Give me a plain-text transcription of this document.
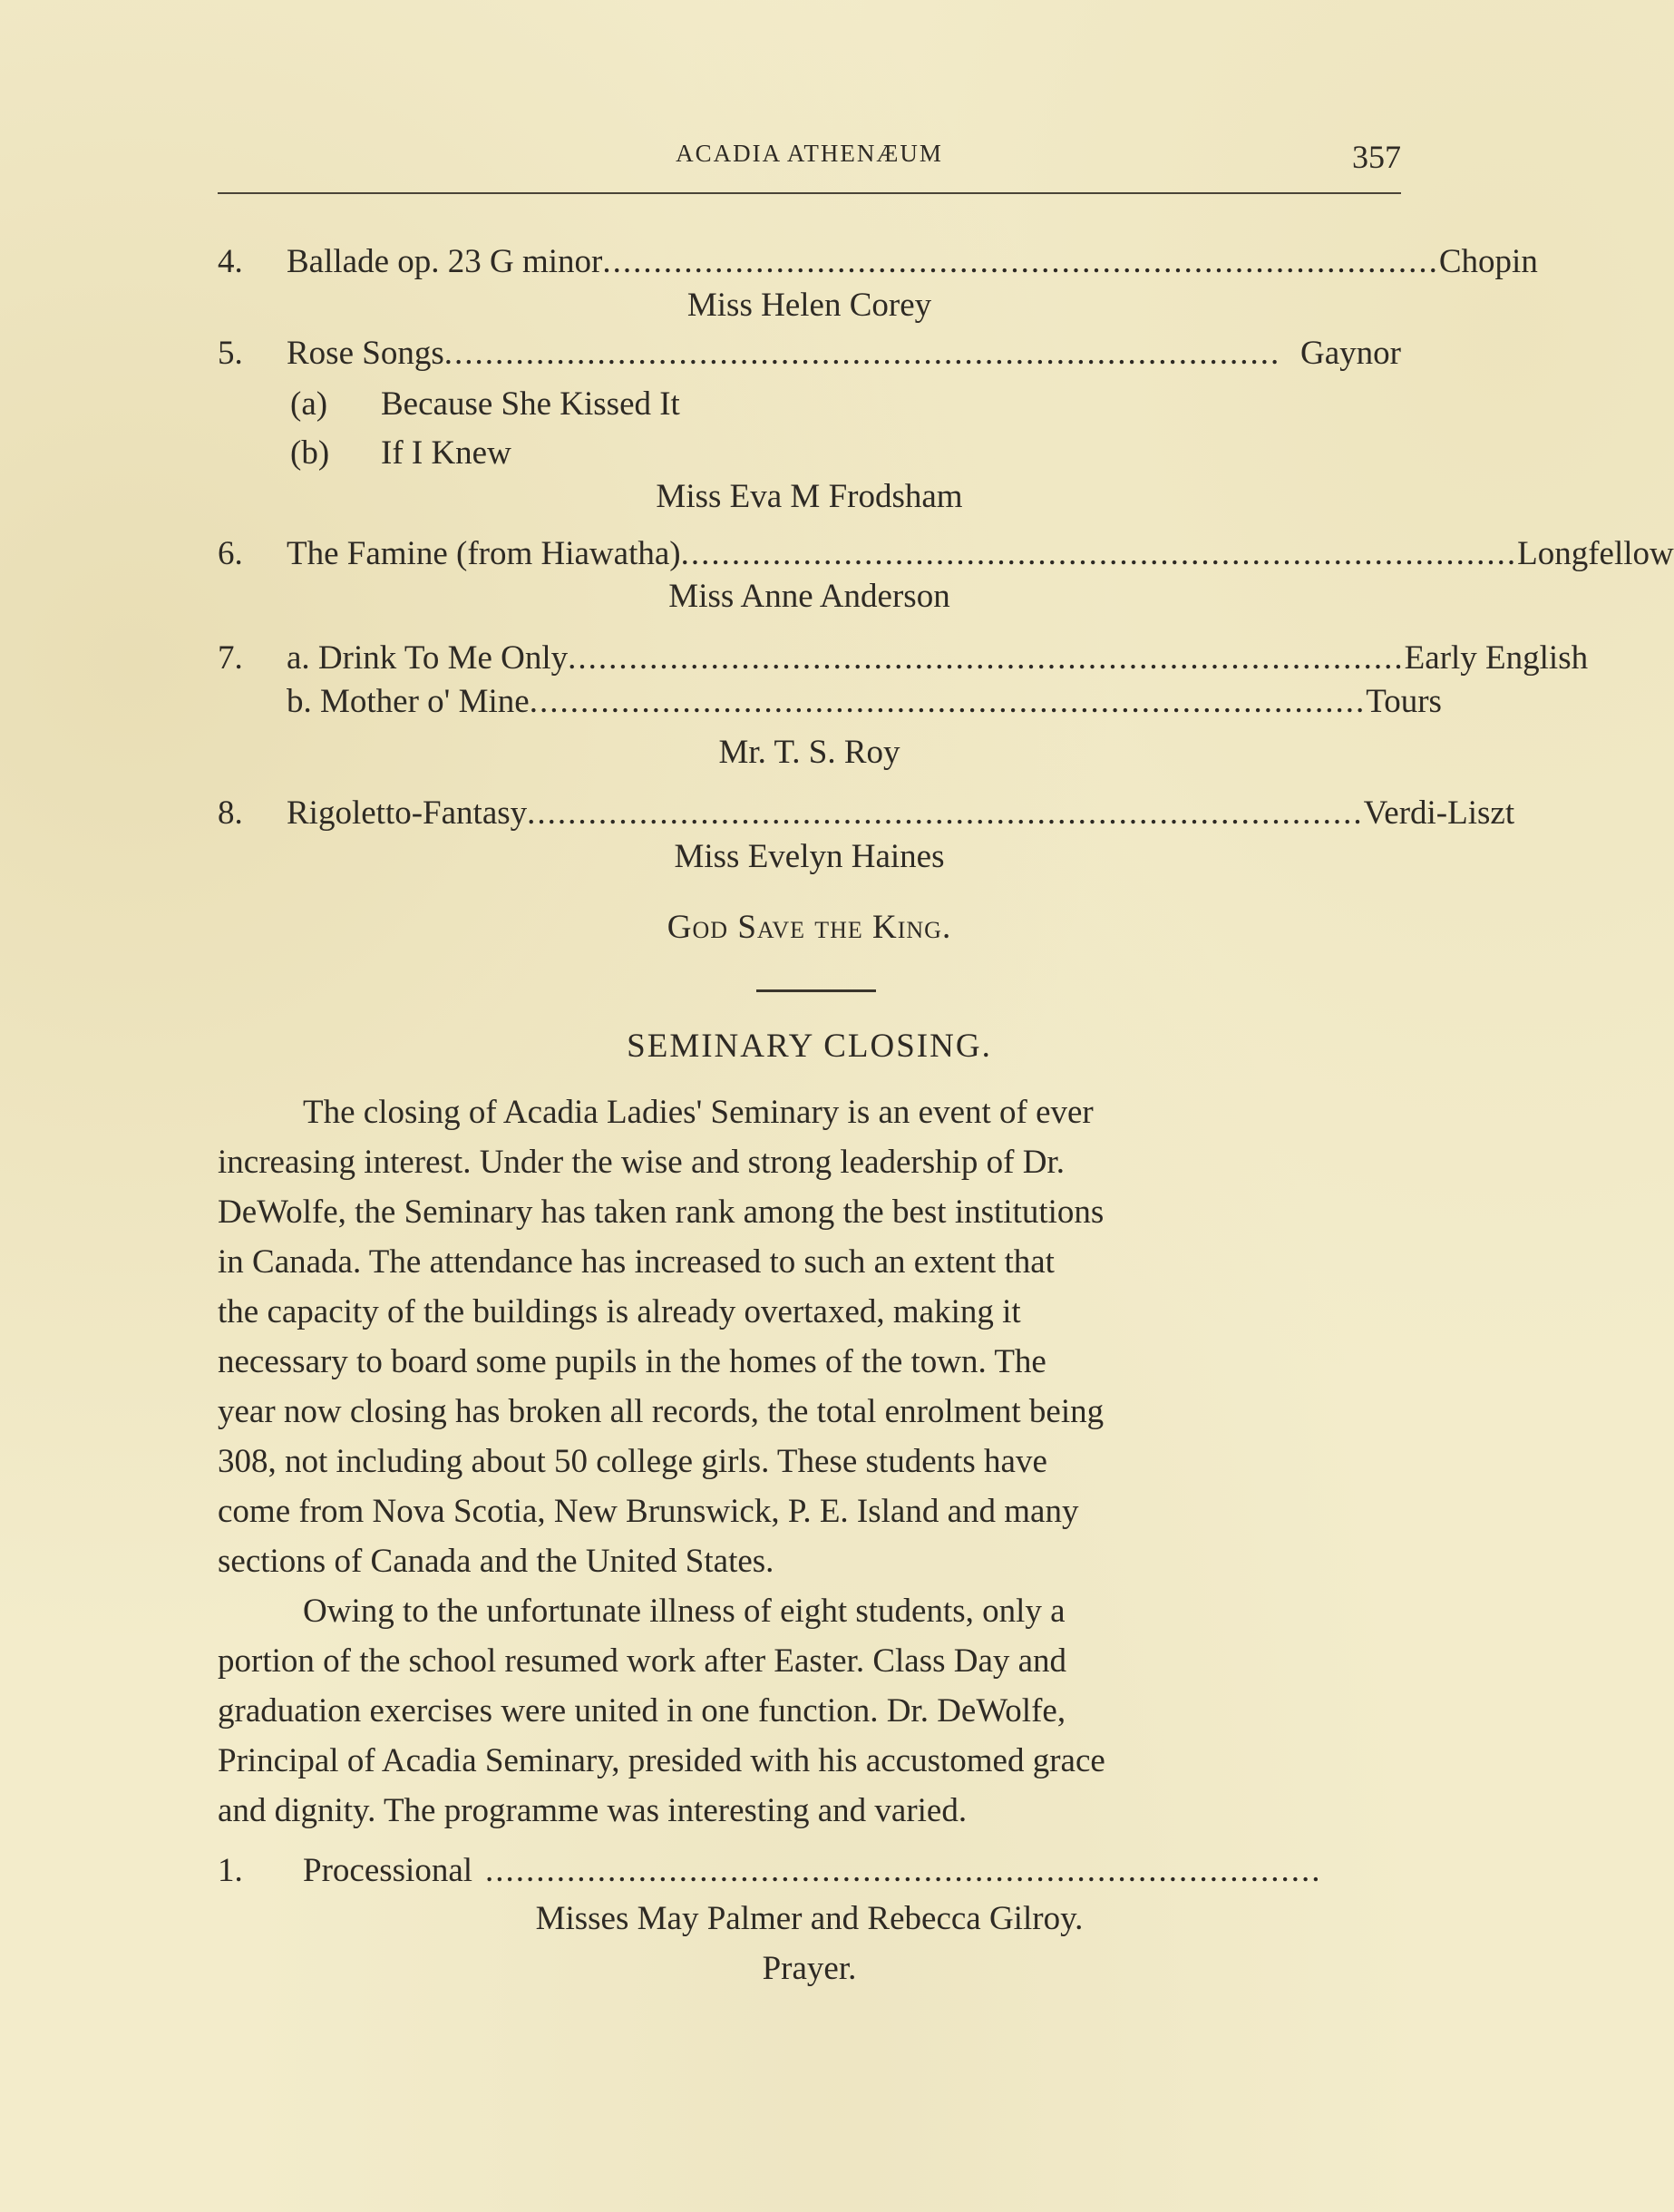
ACADIA ATHENÆUM	357
4.	Ballade op. 23 G minor .................................................................................. Chopin
Miss Helen Corey
5.	Rose Songs .................................................................................. Gaynor
(a) Because She Kissed It
(b) If I Knew
Miss Eva M Frodsham
6.	The Famine (from Hiawatha) .................................................................................. Longfellow
Miss Anne Anderson
7.	a. Drink To Me Only .................................................................................. Early English
b. Mother o' Mine .................................................................................. Tours
Mr. T. S. Roy
8.	Rigoletto-Fantasy .................................................................................. Verdi-Liszt
Miss Evelyn Haines
God Save the King.
SEMINARY CLOSING.
The closing of Acadia Ladies' Seminary is an event of ever
increasing interest. Under the wise and strong leadership of Dr.
DeWolfe, the Seminary has taken rank among the best institutions
in Canada. The attendance has increased to such an extent that
the capacity of the buildings is already overtaxed, making it
necessary to board some pupils in the homes of the town. The
year now closing has broken all records, the total enrolment being
308, not including about 50 college girls. These students have
come from Nova Scotia, New Brunswick, P. E. Island and many
sections of Canada and the United States.
Owing to the unfortunate illness of eight students, only a
portion of the school resumed work after Easter. Class Day and
graduation exercises were united in one function. Dr. DeWolfe,
Principal of Acadia Seminary, presided with his accustomed grace
and dignity. The programme was interesting and varied.
1.	Processional ..................................................................................
Misses May Palmer and Rebecca Gilroy.
Prayer.
